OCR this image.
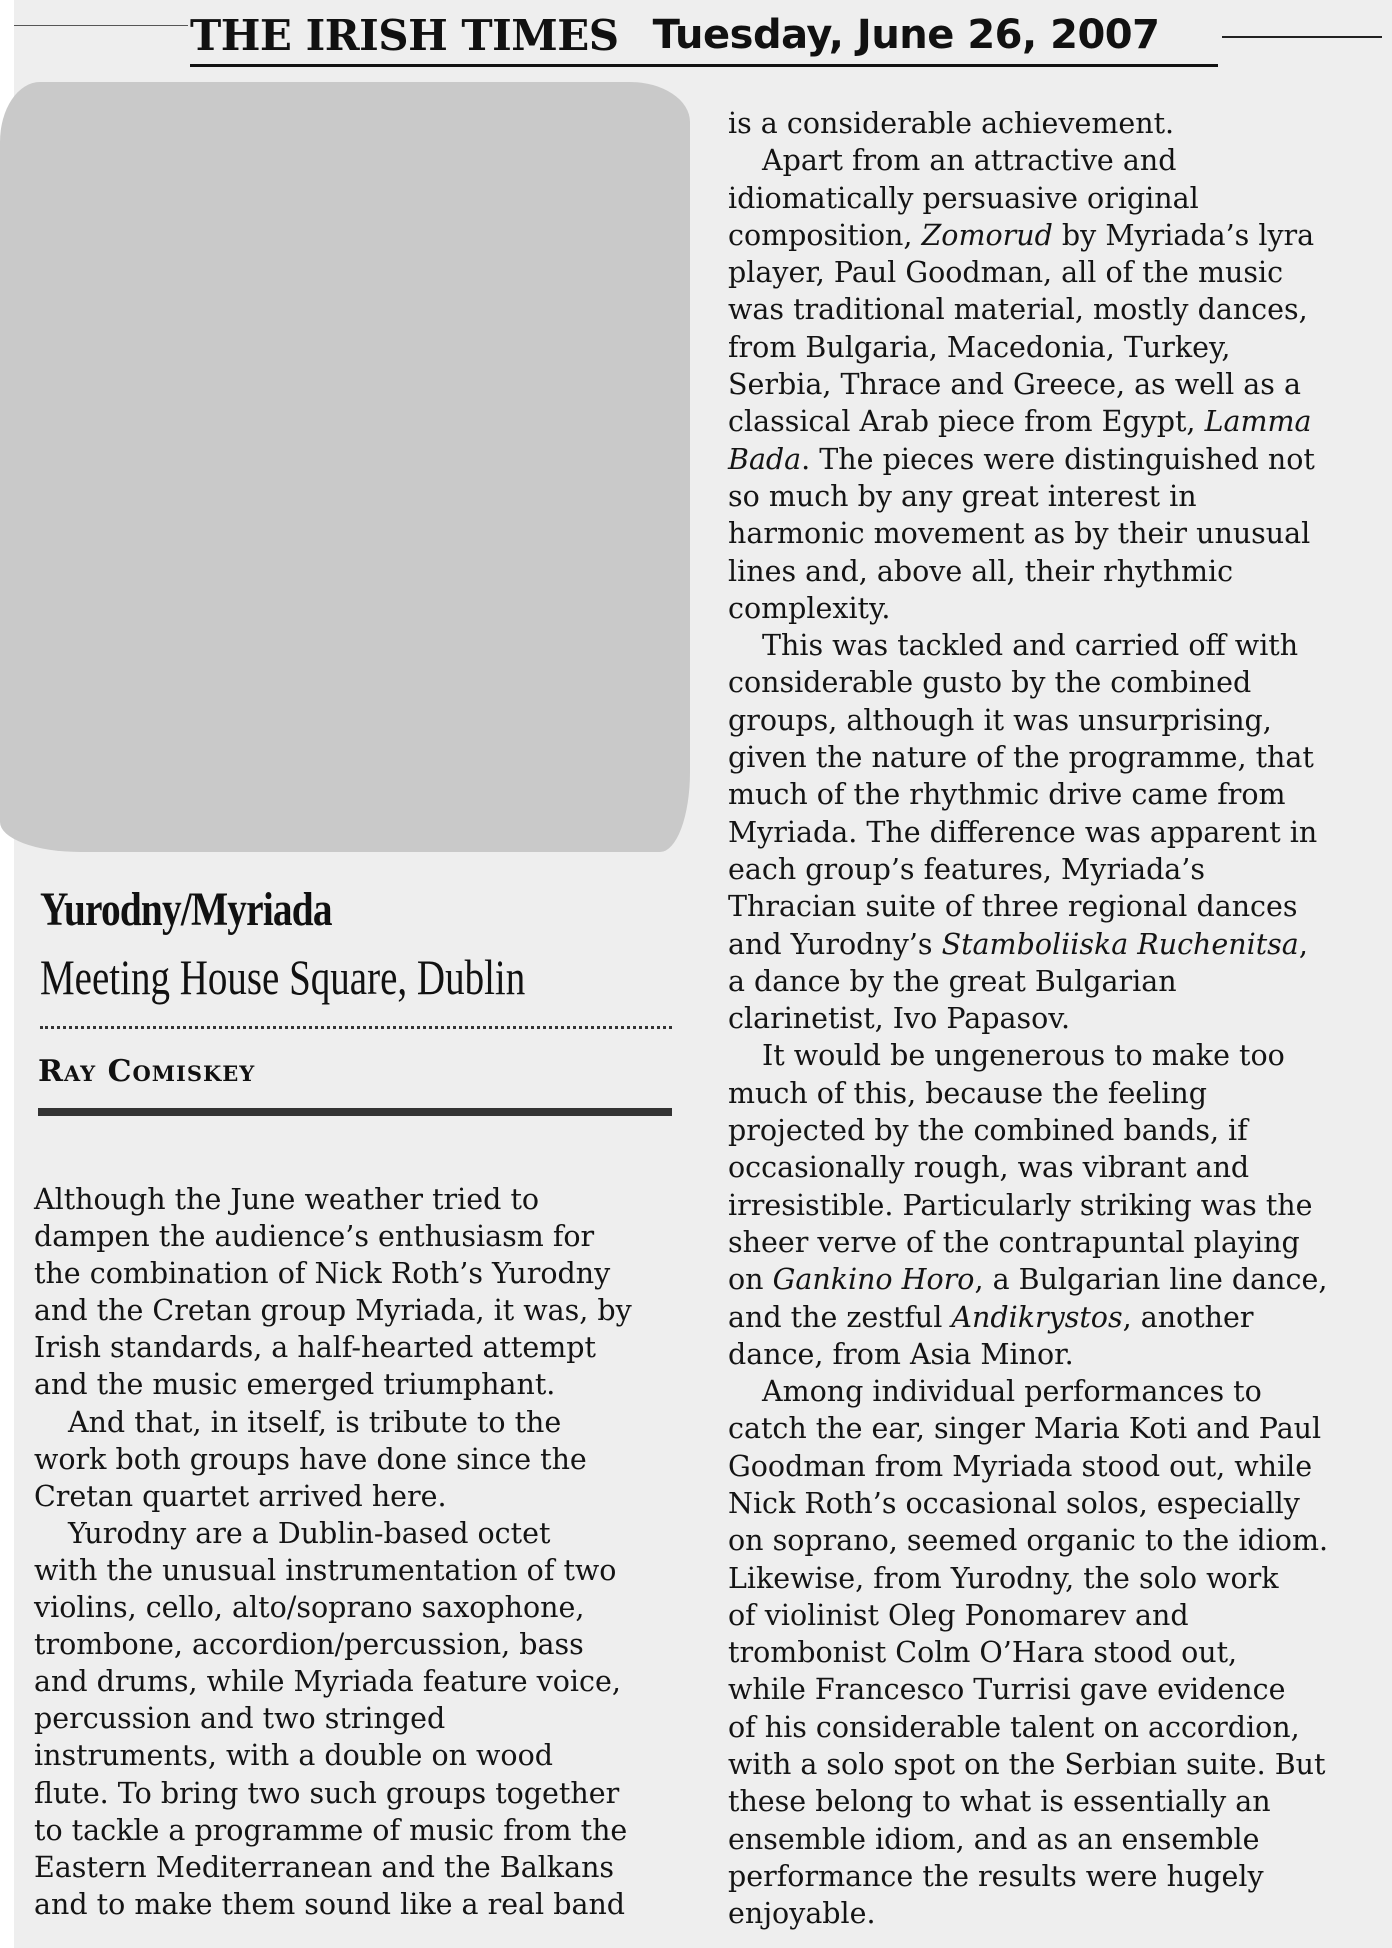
THE IRISH TIMES Tuesday, June 26, 2007
Yurodny/Myriada
Meeting House Square, Dublin
Ray Comiskey
Although the June weather tried to
dampen the audience’s enthusiasm for
the combination of Nick Roth’s Yurodny
and the Cretan group Myriada, it was, by
Irish standards, a half-hearted attempt
and the music emerged triumphant.
And that, in itself, is tribute to the
work both groups have done since the
Cretan quartet arrived here.
Yurodny are a Dublin-based octet
with the unusual instrumentation of two
violins, cello, alto/soprano saxophone,
trombone, accordion/percussion, bass
and drums, while Myriada feature voice,
percussion and two stringed
instruments, with a double on wood
flute. To bring two such groups together
to tackle a programme of music from the
Eastern Mediterranean and the Balkans
and to make them sound like a real band
is a considerable achievement.
Apart from an attractive and
idiomatically persuasive original
composition, Zomorud by Myriada’s lyra
player, Paul Goodman, all of the music
was traditional material, mostly dances,
from Bulgaria, Macedonia, Turkey,
Serbia, Thrace and Greece, as well as a
classical Arab piece from Egypt, Lamma
Bada. The pieces were distinguished not
so much by any great interest in
harmonic movement as by their unusual
lines and, above all, their rhythmic
complexity.
This was tackled and carried off with
considerable gusto by the combined
groups, although it was unsurprising,
given the nature of the programme, that
much of the rhythmic drive came from
Myriada. The difference was apparent in
each group’s features, Myriada’s
Thracian suite of three regional dances
and Yurodny’s Stamboliiska Ruchenitsa,
a dance by the great Bulgarian
clarinetist, Ivo Papasov.
It would be ungenerous to make too
much of this, because the feeling
projected by the combined bands, if
occasionally rough, was vibrant and
irresistible. Particularly striking was the
sheer verve of the contrapuntal playing
on Gankino Horo, a Bulgarian line dance,
and the zestful Andikrystos, another
dance, from Asia Minor.
Among individual performances to
catch the ear, singer Maria Koti and Paul
Goodman from Myriada stood out, while
Nick Roth’s occasional solos, especially
on soprano, seemed organic to the idiom.
Likewise, from Yurodny, the solo work
of violinist Oleg Ponomarev and
trombonist Colm O’Hara stood out,
while Francesco Turrisi gave evidence
of his considerable talent on accordion,
with a solo spot on the Serbian suite. But
these belong to what is essentially an
ensemble idiom, and as an ensemble
performance the results were hugely
enjoyable.
